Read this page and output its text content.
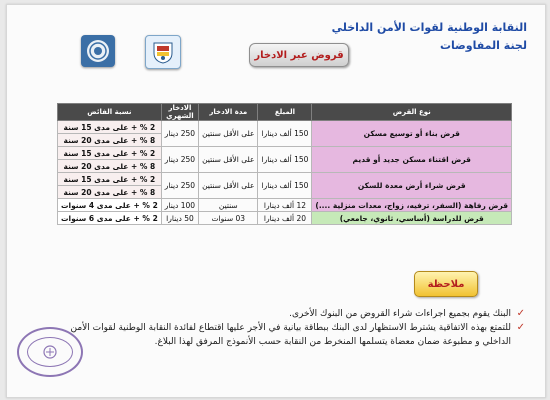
النقابة الوطنية لقوات الأمن الداخلي
لجنة المفاوضات
قروض عبر الادخار
نوع القرض	المبلغ	مدة الادخار	الادخار الشهري	نسبة الفائض
قرض بناء أو توسيع مسكن	150 ألف دينارا	على الأقل سنتين	250 دينار	2 % + على مدى 15 سنة
				8 % + على مدى 20 سنة
قرض اقتناء مسكن جديد أو قديم	150 ألف دينارا	على الأقل سنتين	250 دينار	2 % + على مدى 15 سنة
				8 % + على مدى 20 سنة
قرض شراء أرض معدة للسكن	150 ألف دينارا	على الأقل سنتين	250 دينار	2 % + على مدى 15 سنة
				8 % + على مدى 20 سنة
قرض رفاهة (السفر، ترفيه، زواج، معدات منزلية ....)	12 ألف دينارا	سنتين	100 دينار	2 % + على مدى 4 سنوات
قرض للدراسة (أساسي، ثانوي، جامعي)	20 ألف دينارا	03 سنوات	50 دينارا	2 % + على مدى 6 سنوات
ملاحظة
✓
البنك يقوم بجميع اجراءات شراء القروض من البنوك الأخرى.
✓
للتمتع بهذه الاتفاقية يشترط الاستظهار لدى البنك ببطاقة بيانية في الأجر عليها اقتطاع لفائدة النقابة الوطنية لقوات الأمن الداخلي و مطبوعة ضمان معضاة يتسلمها المنخرط من النقابة حسب الأنموذج المرفق لهذا البلاغ.
